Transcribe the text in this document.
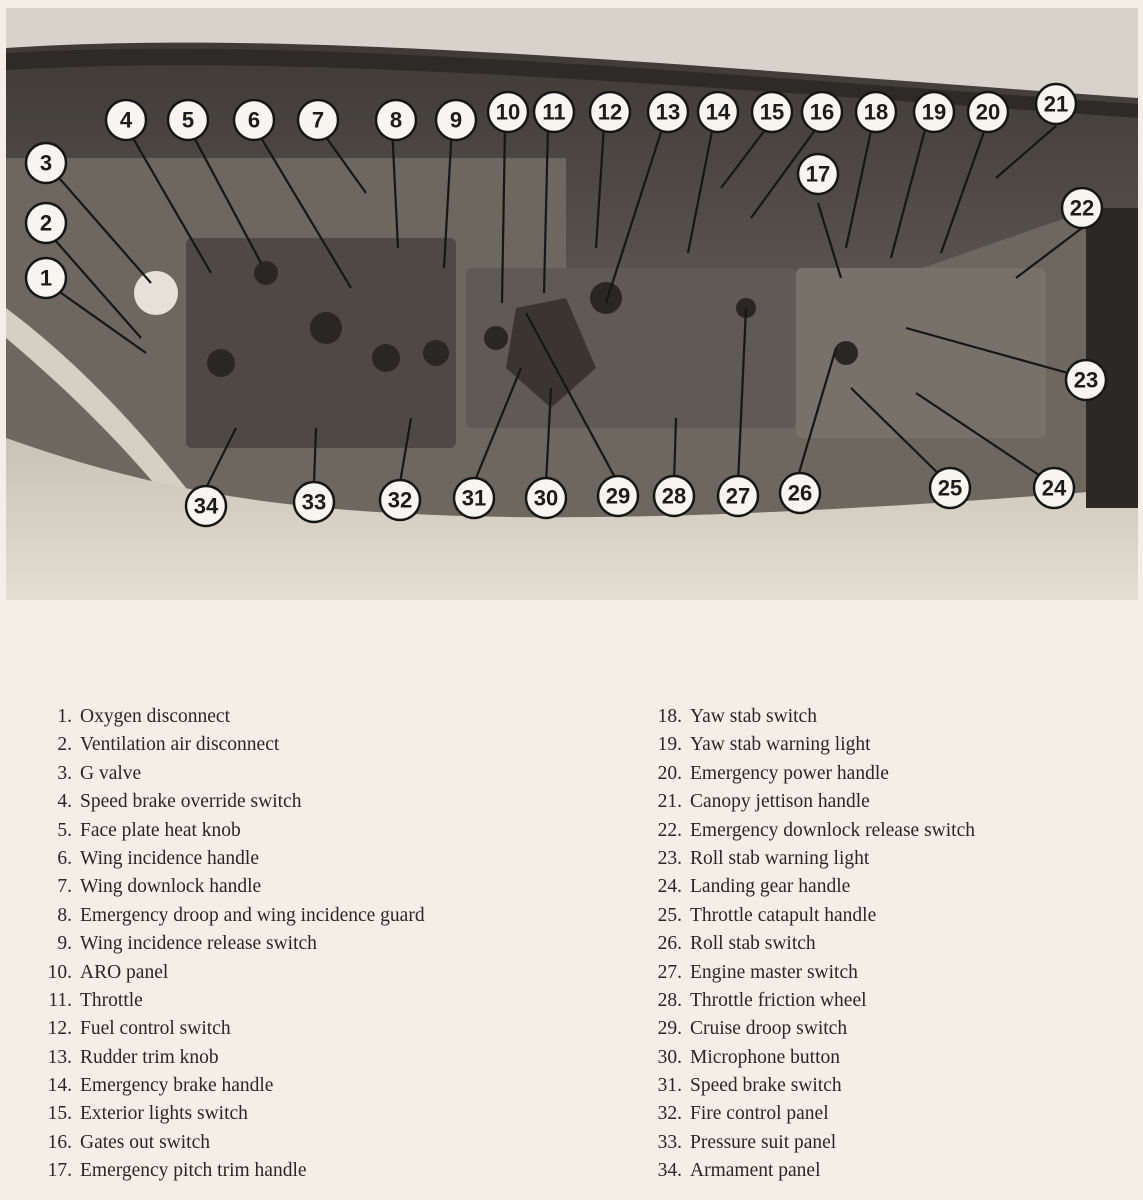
1
2
3
4 5 6 7	8 9 10 11 12 13 14 15 16
17
18 19 20 21
22
23
24
25
26
27
28
29
30
31
32
33
34
1. Oxygen disconnect
2. Ventilation air disconnect
3. G valve
4. Speed brake override switch
5. Face plate heat knob
6. Wing incidence handle
7. Wing downlock handle
8. Emergency droop and wing incidence guard
9. Wing incidence release switch
10. ARO panel
11. Throttle
12. Fuel control switch
13. Rudder trim knob
14. Emergency brake handle
15. Exterior lights switch
16. Gates out switch
17. Emergency pitch trim handle
18. Yaw stab switch
19. Yaw stab warning light
20. Emergency power handle
21. Canopy jettison handle
22. Emergency downlock release switch
23. Roll stab warning light
24. Landing gear handle
25. Throttle catapult handle
26. Roll stab switch
27. Engine master switch
28. Throttle friction wheel
29. Cruise droop switch
30. Microphone button
31. Speed brake switch
32. Fire control panel
33. Pressure suit panel
34. Armament panel
